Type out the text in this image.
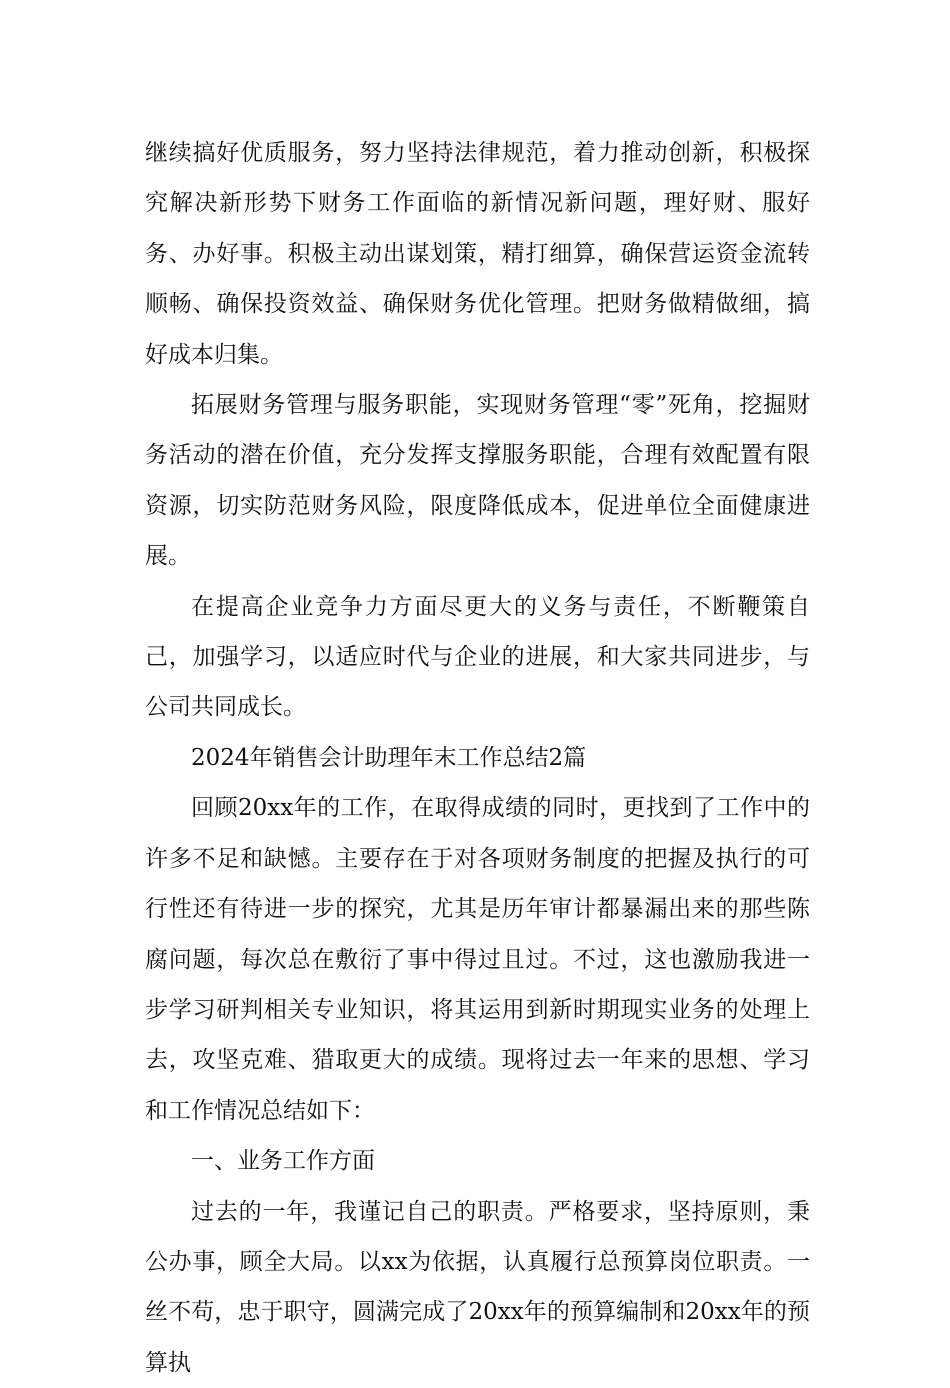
继续搞好优质服务，努力坚持法律规范，着力推动创新，积极探究解决新形势下财务工作面临的新情况新问题，理好财、服好务、办好事。积极主动出谋划策，精打细算，确保营运资金流转顺畅、确保投资效益、确保财务优化管理。把财务做精做细，搞好成本归集。

拓展财务管理与服务职能，实现财务管理“零”死角，挖掘财务活动的潜在价值，充分发挥支撑服务职能，合理有效配置有限资源，切实防范财务风险，限度降低成本，促进单位全面健康进展。

在提高企业竞争力方面尽更大的义务与责任，不断鞭策自己，加强学习，以适应时代与企业的进展，和大家共同进步，与公司共同成长。

2024年销售会计助理年末工作总结2篇

回顾20xx年的工作，在取得成绩的同时，更找到了工作中的许多不足和缺憾。主要存在于对各项财务制度的把握及执行的可行性还有待进一步的探究，尤其是历年审计都暴漏出来的那些陈腐问题，每次总在敷衍了事中得过且过。不过，这也激励我进一步学习研判相关专业知识，将其运用到新时期现实业务的处理上去，攻坚克难、猎取更大的成绩。现将过去一年来的思想、学习和工作情况总结如下：

一、业务工作方面

过去的一年，我谨记自己的职责。严格要求，坚持原则，秉公办事，顾全大局。以xx为依据，认真履行总预算岗位职责。一丝不苟，忠于职守，圆满完成了20xx年的预算编制和20xx年的预算执
